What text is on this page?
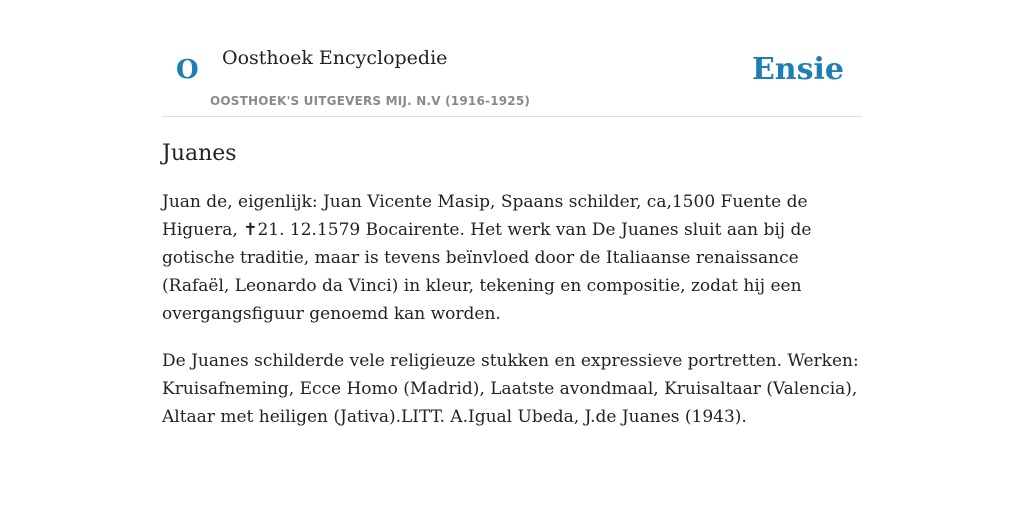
O Oosthoek Encyclopedie
OOSTHOEK'S UITGEVERS MIJ. N.V (1916-1925)
Ensie
Juanes

Juan de, eigenlijk: Juan Vicente Masip, Spaans schilder, ca,1500 Fuente de Higuera, ✝21. 12.1579 Bocairente. Het werk van De Juanes sluit aan bij de gotische traditie, maar is tevens beïnvloed door de Italiaanse renaissance (Rafaël, Leonardo da Vinci) in kleur, tekening en compositie, zodat hij een overgangsfiguur genoemd kan worden.

De Juanes schilderde vele religieuze stukken en expressieve portretten. Werken: Kruisafneming, Ecce Homo (Madrid), Laatste avondmaal, Kruisaltaar (Valencia), Altaar met heiligen (Jativa).LITT. A.Igual Ubeda, J.de Juanes (1943).
